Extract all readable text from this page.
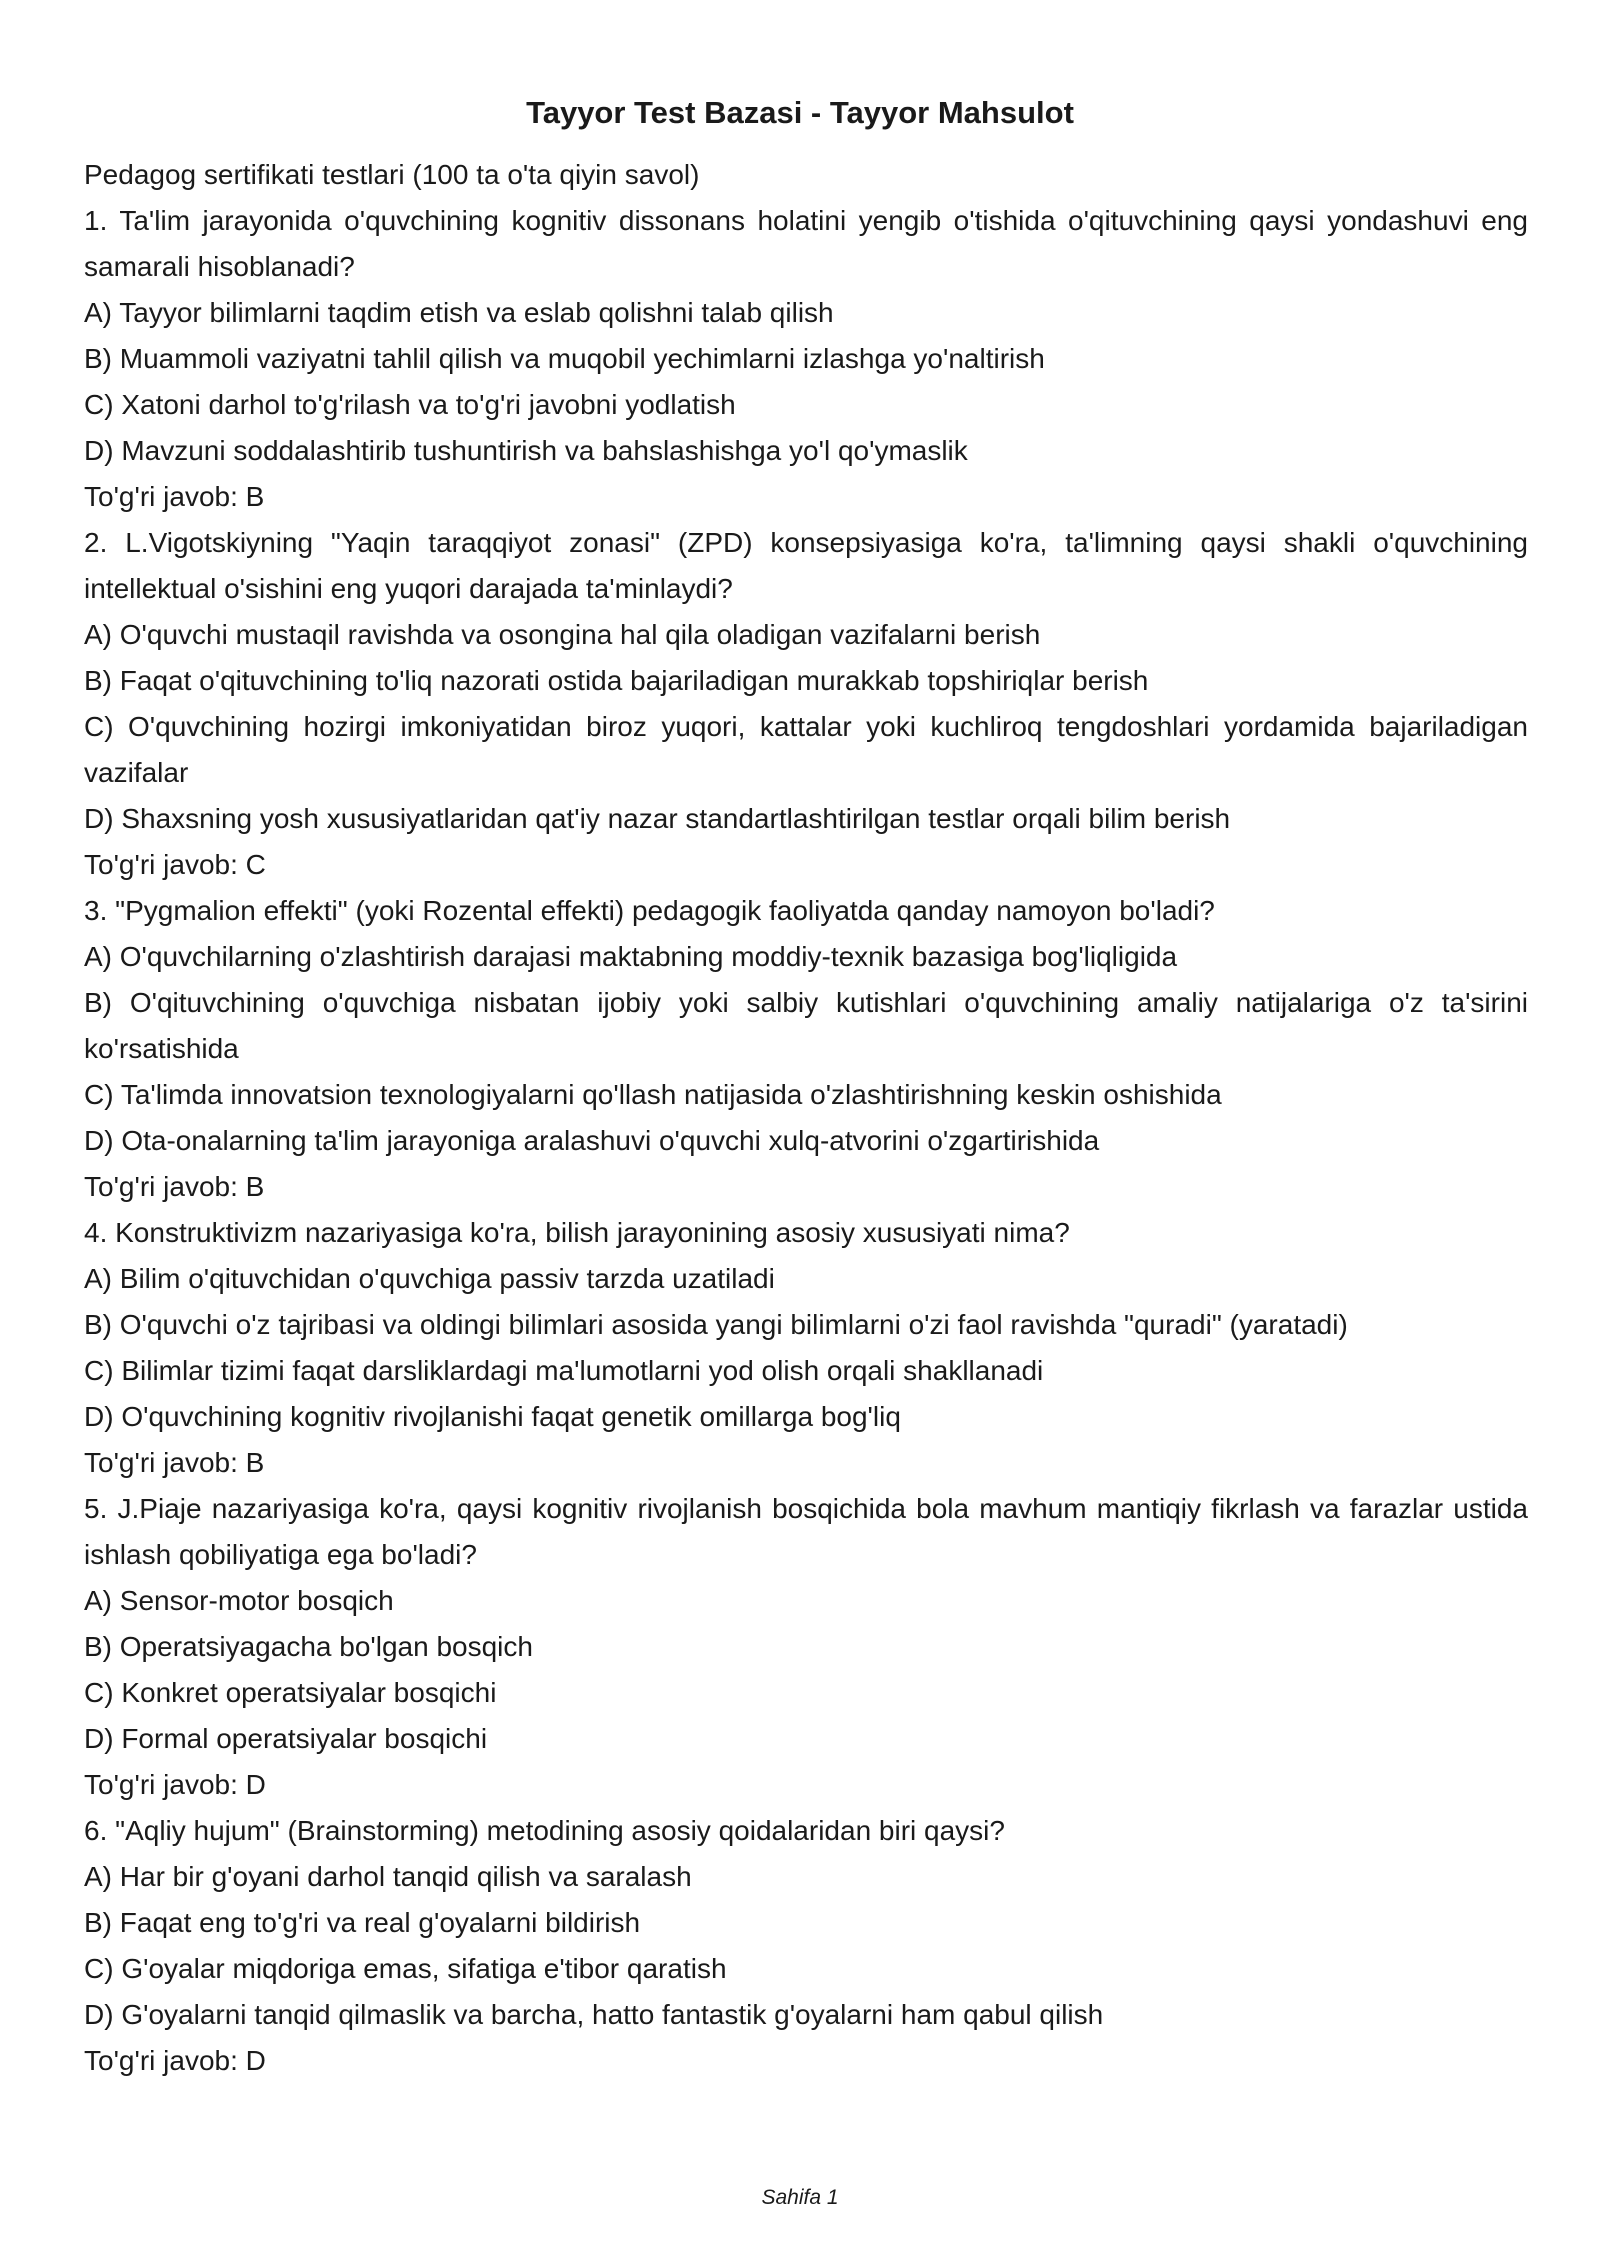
Tayyor Test Bazasi - Tayyor Mahsulot

Pedagog sertifikati testlari (100 ta o'ta qiyin savol)

1. Ta'lim jarayonida o'quvchining kognitiv dissonans holatini yengib o'tishida o'qituvchining qaysi yondashuvi eng samarali hisoblanadi?

A) Tayyor bilimlarni taqdim etish va eslab qolishni talab qilish

B) Muammoli vaziyatni tahlil qilish va muqobil yechimlarni izlashga yo'naltirish

C) Xatoni darhol to'g'rilash va to'g'ri javobni yodlatish

D) Mavzuni soddalashtirib tushuntirish va bahslashishga yo'l qo'ymaslik

To'g'ri javob: B

2. L.Vigotskiyning "Yaqin taraqqiyot zonasi" (ZPD) konsepsiyasiga ko'ra, ta'limning qaysi shakli o'quvchining intellektual o'sishini eng yuqori darajada ta'minlaydi?

A) O'quvchi mustaqil ravishda va osongina hal qila oladigan vazifalarni berish

B) Faqat o'qituvchining to'liq nazorati ostida bajariladigan murakkab topshiriqlar berish

C) O'quvchining hozirgi imkoniyatidan biroz yuqori, kattalar yoki kuchliroq tengdoshlari yordamida bajariladigan vazifalar

D) Shaxsning yosh xususiyatlaridan qat'iy nazar standartlashtirilgan testlar orqali bilim berish

To'g'ri javob: C

3. "Pygmalion effekti" (yoki Rozental effekti) pedagogik faoliyatda qanday namoyon bo'ladi?

A) O'quvchilarning o'zlashtirish darajasi maktabning moddiy-texnik bazasiga bog'liqligida

B) O'qituvchining o'quvchiga nisbatan ijobiy yoki salbiy kutishlari o'quvchining amaliy natijalariga o'z ta'sirini ko'rsatishida

C) Ta'limda innovatsion texnologiyalarni qo'llash natijasida o'zlashtirishning keskin oshishida

D) Ota-onalarning ta'lim jarayoniga aralashuvi o'quvchi xulq-atvorini o'zgartirishida

To'g'ri javob: B

4. Konstruktivizm nazariyasiga ko'ra, bilish jarayonining asosiy xususiyati nima?

A) Bilim o'qituvchidan o'quvchiga passiv tarzda uzatiladi

B) O'quvchi o'z tajribasi va oldingi bilimlari asosida yangi bilimlarni o'zi faol ravishda "quradi" (yaratadi)

C) Bilimlar tizimi faqat darsliklardagi ma'lumotlarni yod olish orqali shakllanadi

D) O'quvchining kognitiv rivojlanishi faqat genetik omillarga bog'liq

To'g'ri javob: B

5. J.Piaje nazariyasiga ko'ra, qaysi kognitiv rivojlanish bosqichida bola mavhum mantiqiy fikrlash va farazlar ustida ishlash qobiliyatiga ega bo'ladi?

A) Sensor-motor bosqich

B) Operatsiyagacha bo'lgan bosqich

C) Konkret operatsiyalar bosqichi

D) Formal operatsiyalar bosqichi

To'g'ri javob: D

6. "Aqliy hujum" (Brainstorming) metodining asosiy qoidalaridan biri qaysi?

A) Har bir g'oyani darhol tanqid qilish va saralash

B) Faqat eng to'g'ri va real g'oyalarni bildirish

C) G'oyalar miqdoriga emas, sifatiga e'tibor qaratish

D) G'oyalarni tanqid qilmaslik va barcha, hatto fantastik g'oyalarni ham qabul qilish

To'g'ri javob: D

Sahifa 1
